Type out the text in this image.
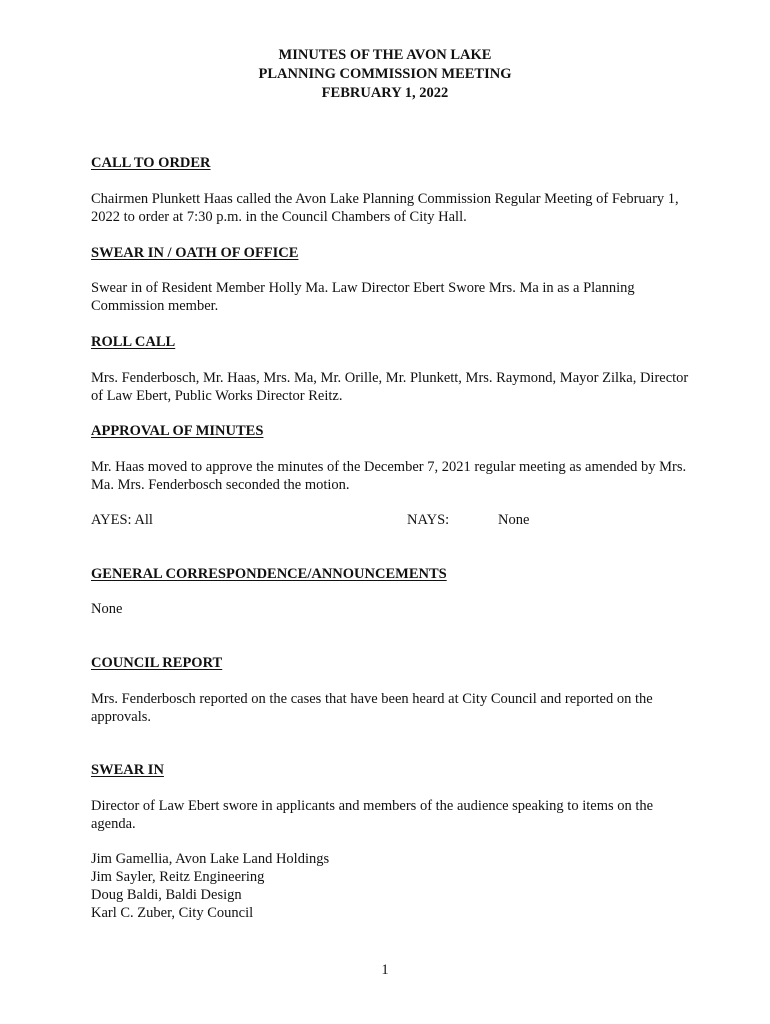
MINUTES OF THE AVON LAKE
PLANNING COMMISSION MEETING
FEBRUARY 1, 2022
CALL TO ORDER
Chairmen Plunkett Haas called the Avon Lake Planning Commission Regular Meeting of February 1, 2022 to order at 7:30 p.m. in the Council Chambers of City Hall.
SWEAR IN / OATH OF OFFICE
Swear in of Resident Member Holly Ma. Law Director Ebert Swore Mrs. Ma in as a Planning Commission member.
ROLL CALL
Mrs. Fenderbosch, Mr. Haas, Mrs. Ma, Mr. Orille, Mr. Plunkett, Mrs. Raymond, Mayor Zilka, Director of Law Ebert, Public Works Director Reitz.
APPROVAL OF MINUTES
Mr. Haas moved to approve the minutes of the December 7, 2021 regular meeting as amended by Mrs. Ma. Mrs. Fenderbosch seconded the motion.
AYES: All	NAYS:	None
GENERAL CORRESPONDENCE/ANNOUNCEMENTS
None
COUNCIL REPORT
Mrs. Fenderbosch reported on the cases that have been heard at City Council and reported on the approvals.
SWEAR IN
Director of Law Ebert swore in applicants and members of the audience speaking to items on the agenda.
Jim Gamellia, Avon Lake Land Holdings
Jim Sayler, Reitz Engineering
Doug Baldi, Baldi Design
Karl C. Zuber, City Council
1
